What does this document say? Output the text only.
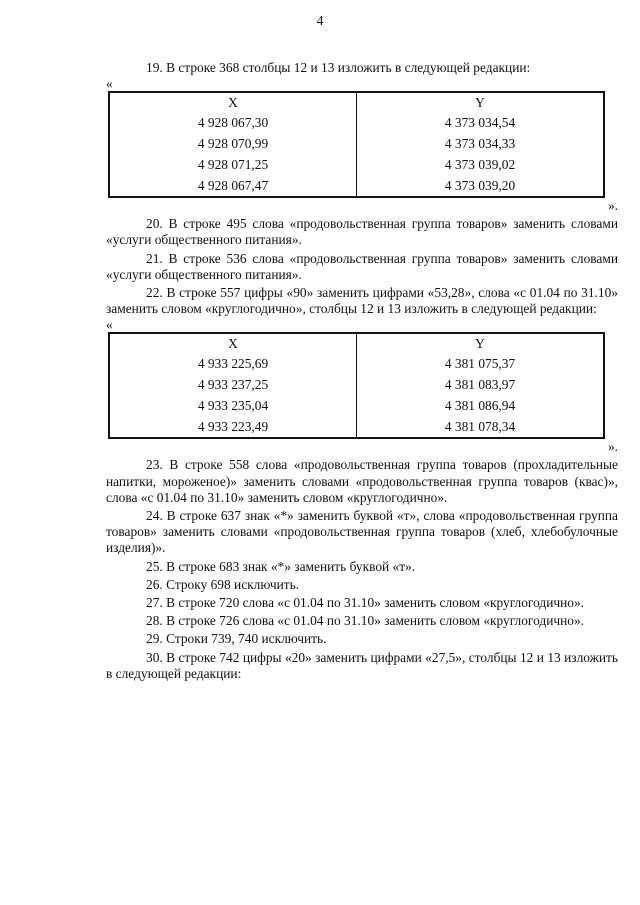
4

19. В строке 368 столбцы 12 и 13 изложить в следующей редакции:

«

X	Y
4 928 067,30	4 373 034,54
4 928 070,99	4 373 034,33
4 928 071,25	4 373 039,02
4 928 067,47	4 373 039,20

».

20. В строке 495 слова «продовольственная группа товаров» заменить словами «услуги общественного питания».

21. В строке 536 слова «продовольственная группа товаров» заменить словами «услуги общественного питания».

22. В строке 557 цифры «90» заменить цифрами «53,28», слова «с 01.04 по 31.10» заменить словом «круглогодично», столбцы 12 и 13 изложить в следующей редакции:

«

X	Y
4 933 225,69	4 381 075,37
4 933 237,25	4 381 083,97
4 933 235,04	4 381 086,94
4 933 223,49	4 381 078,34

».

23. В строке 558 слова «продовольственная группа товаров (прохладительные напитки, мороженое)» заменить словами «продовольственная группа товаров (квас)», слова «с 01.04 по 31.10» заменить словом «круглогодично».

24. В строке 637 знак «*» заменить буквой «т», слова «продовольственная группа товаров» заменить словами «продовольственная группа товаров (хлеб, хлебобулочные изделия)».

25. В строке 683 знак «*» заменить буквой «т».

26. Строку 698 исключить.

27. В строке 720 слова «с 01.04 по 31.10» заменить словом «круглогодично».

28. В строке 726 слова «с 01.04 по 31.10» заменить словом «круглогодично».

29. Строки 739, 740 исключить.

30. В строке 742 цифры «20» заменить цифрами «27,5», столбцы 12 и 13 изложить в следующей редакции:
